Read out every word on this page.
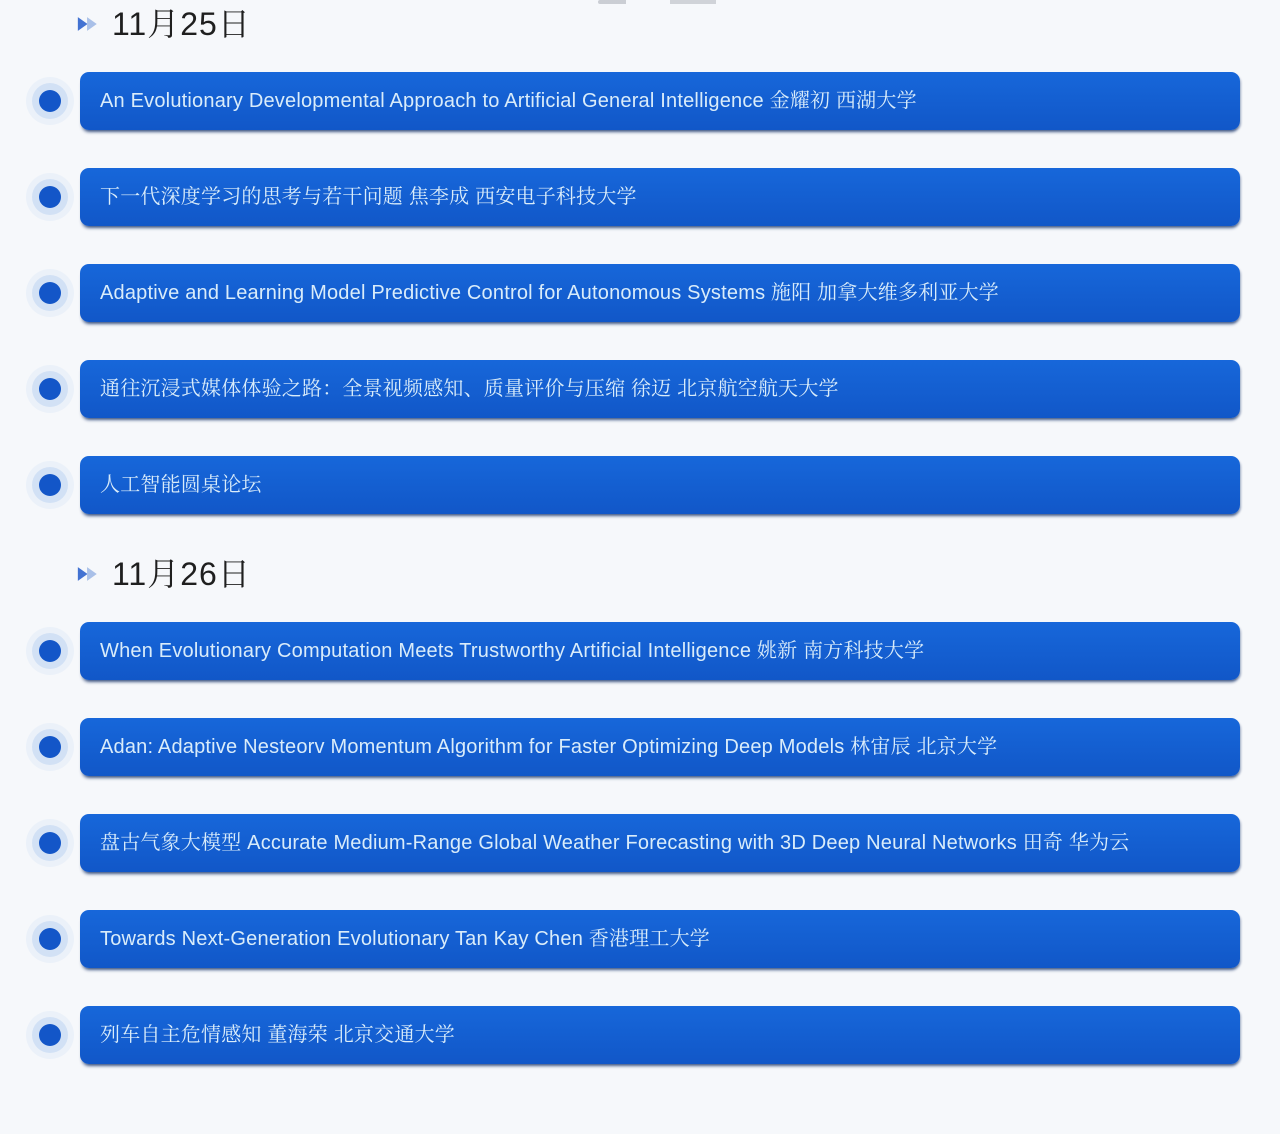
11月25日
An Evolutionary Developmental Approach to Artificial General Intelligence 金耀初 西湖大学
下一代深度学习的思考与若干问题 焦李成 西安电子科技大学
Adaptive and Learning Model Predictive Control for Autonomous Systems 施阳 加拿大维多利亚大学
通往沉浸式媒体体验之路：全景视频感知、质量评价与压缩 徐迈 北京航空航天大学
人工智能圆桌论坛
11月26日
When Evolutionary Computation Meets Trustworthy Artificial Intelligence 姚新 南方科技大学
Adan: Adaptive Nesteorv Momentum Algorithm for Faster Optimizing Deep Models 林宙辰 北京大学
盘古气象大模型 Accurate Medium-Range Global Weather Forecasting with 3D Deep Neural Networks 田奇 华为云
Towards Next-Generation Evolutionary Tan Kay Chen 香港理工大学
列车自主危情感知 董海荣 北京交通大学
